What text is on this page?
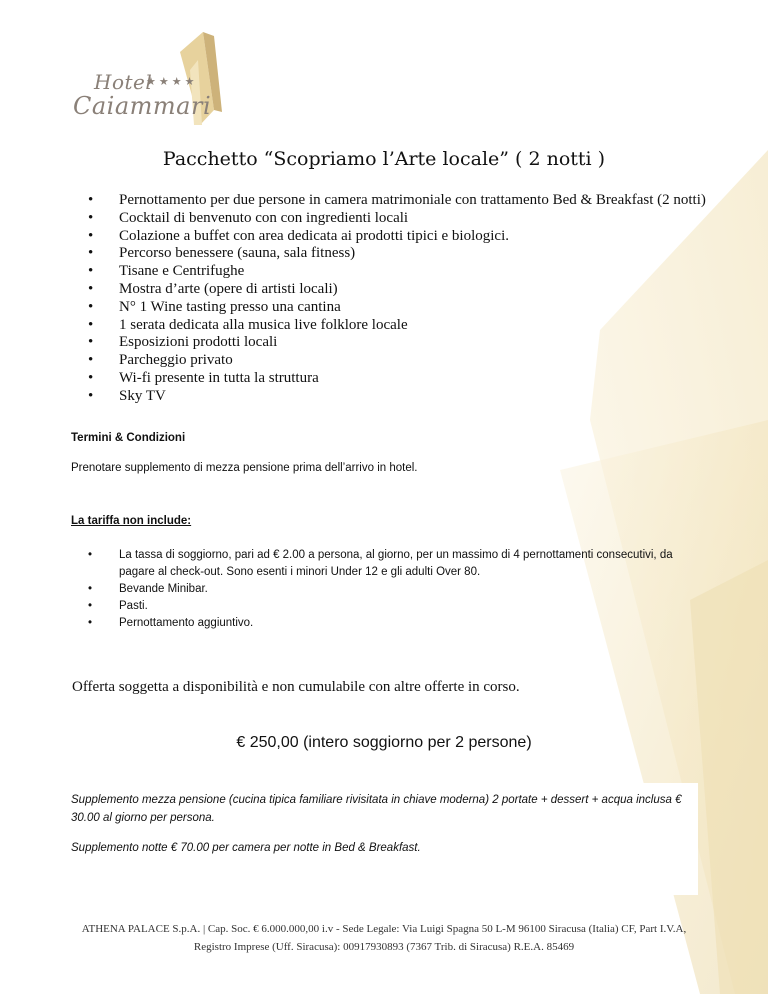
Hotel
★★★★
Caiammari
Pacchetto “Scopriamo l’Arte locale” ( 2 notti )
• Pernottamento per due persone in camera matrimoniale con trattamento Bed & Breakfast (2 notti)
• Cocktail di benvenuto con con ingredienti locali
• Colazione a buffet con area dedicata ai prodotti tipici e biologici.
• Percorso benessere (sauna, sala fitness)
• Tisane e Centrifughe
• Mostra d’arte (opere di artisti locali)
• N° 1 Wine tasting presso una cantina
• 1 serata dedicata alla musica live folklore locale
• Esposizioni prodotti locali
• Parcheggio privato
• Wi-fi presente in tutta la struttura
• Sky TV
Termini & Condizioni
Prenotare supplemento di mezza pensione prima dell’arrivo in hotel.
La tariffa non include:
• La tassa di soggiorno, pari ad € 2.00 a persona, al giorno, per un massimo di 4 pernottamenti consecutivi, da pagare al check-out. Sono esenti i minori Under 12 e gli adulti Over 80.
• Bevande Minibar.
• Pasti.
• Pernottamento aggiuntivo.
Offerta soggetta a disponibilità e non cumulabile con altre offerte in corso.
€ 250,00 (intero soggiorno per 2 persone)
Supplemento mezza pensione (cucina tipica familiare rivisitata in chiave moderna) 2 portate + dessert + acqua inclusa € 30.00 al giorno per persona.
Supplemento notte € 70.00 per camera per notte in Bed & Breakfast.
ATHENA PALACE S.p.A. | Cap. Soc. € 6.000.000,00 i.v - Sede Legale: Via Luigi Spagna 50 L-M 96100 Siracusa (Italia) CF, Part I.V.A,
Registro Imprese (Uff. Siracusa): 00917930893 (7367 Trib. di Siracusa) R.E.A. 85469
